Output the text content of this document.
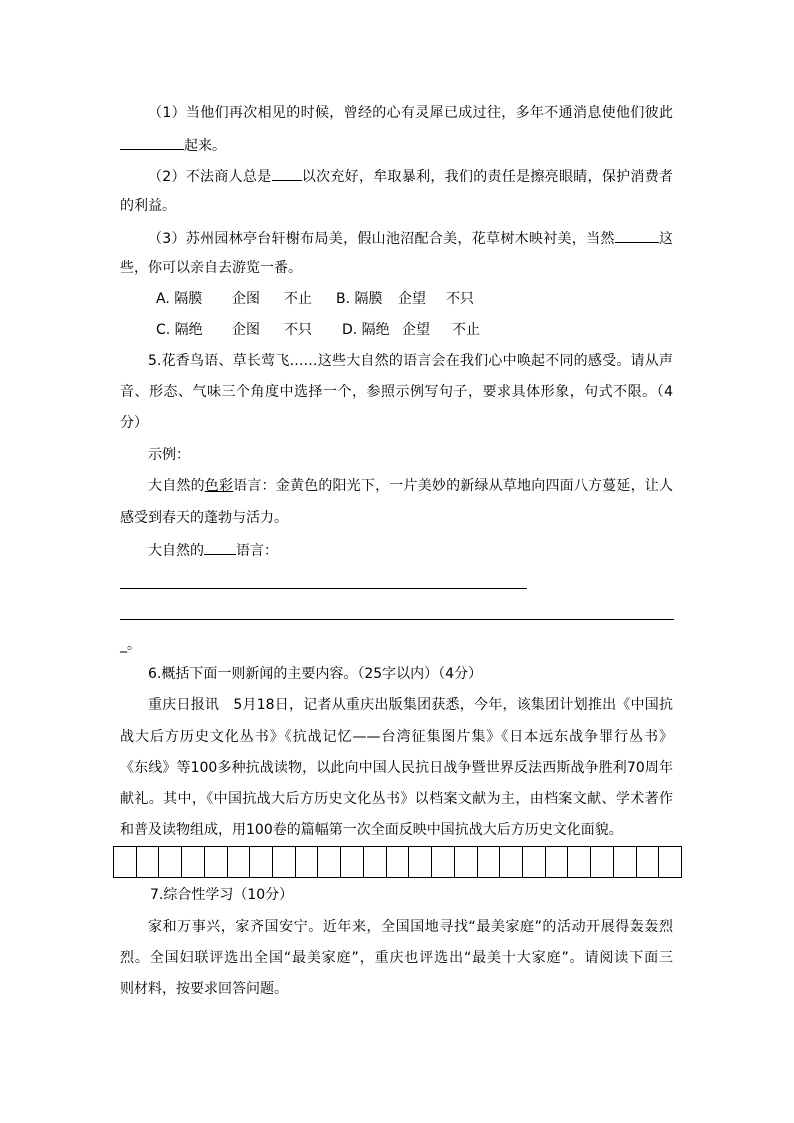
（1）当他们再次相见的时候，曾经的心有灵犀已成过往，多年不通消息使他们彼此
起来。
（2）不法商人总是 以次充好，牟取暴利，我们的责任是擦亮眼睛，保护消费者
的利益。
（3）苏州园林亭台轩榭布局美，假山池沼配合美，花草树木映衬美，当然	这
些，你可以亲自去游览一番。
A. 隔膜 企图 不止 B. 隔膜 企望 不只
C. 隔绝 企图 不只 D. 隔绝 企望 不止
5.花香鸟语、草长莺飞……这些大自然的语言会在我们心中唤起不同的感受。请从声
音、形态、气味三个角度中选择一个，参照示例写句子，要求具体形象，句式不限。（4
分）
示例：
大自然的色彩语言：金黄色的阳光下，一片美妙的新绿从草地向四面八方蔓延，让人
感受到春天的蓬勃与活力。
大自然的 语言：
_。
6.概括下面一则新闻的主要内容。（25字以内）（4分）
重庆日报讯　5月18日，记者从重庆出版集团获悉，今年，该集团计划推出《中国抗
战大后方历史文化丛书》《抗战记忆——台湾征集图片集》《日本远东战争罪行丛书》
《东线》等100多种抗战读物，以此向中国人民抗日战争暨世界反法西斯战争胜利70周年
献礼。其中，《中国抗战大后方历史文化丛书》以档案文献为主，由档案文献、学术著作
和普及读物组成，用100卷的篇幅第一次全面反映中国抗战大后方历史文化面貌。
7.综合性学习（10分）
家和万事兴，家齐国安宁。近年来，全国国地寻找“最美家庭”的活动开展得轰轰烈
烈。全国妇联评选出全国“最美家庭”，重庆也评选出“最美十大家庭”。请阅读下面三
则材料，按要求回答问题。
